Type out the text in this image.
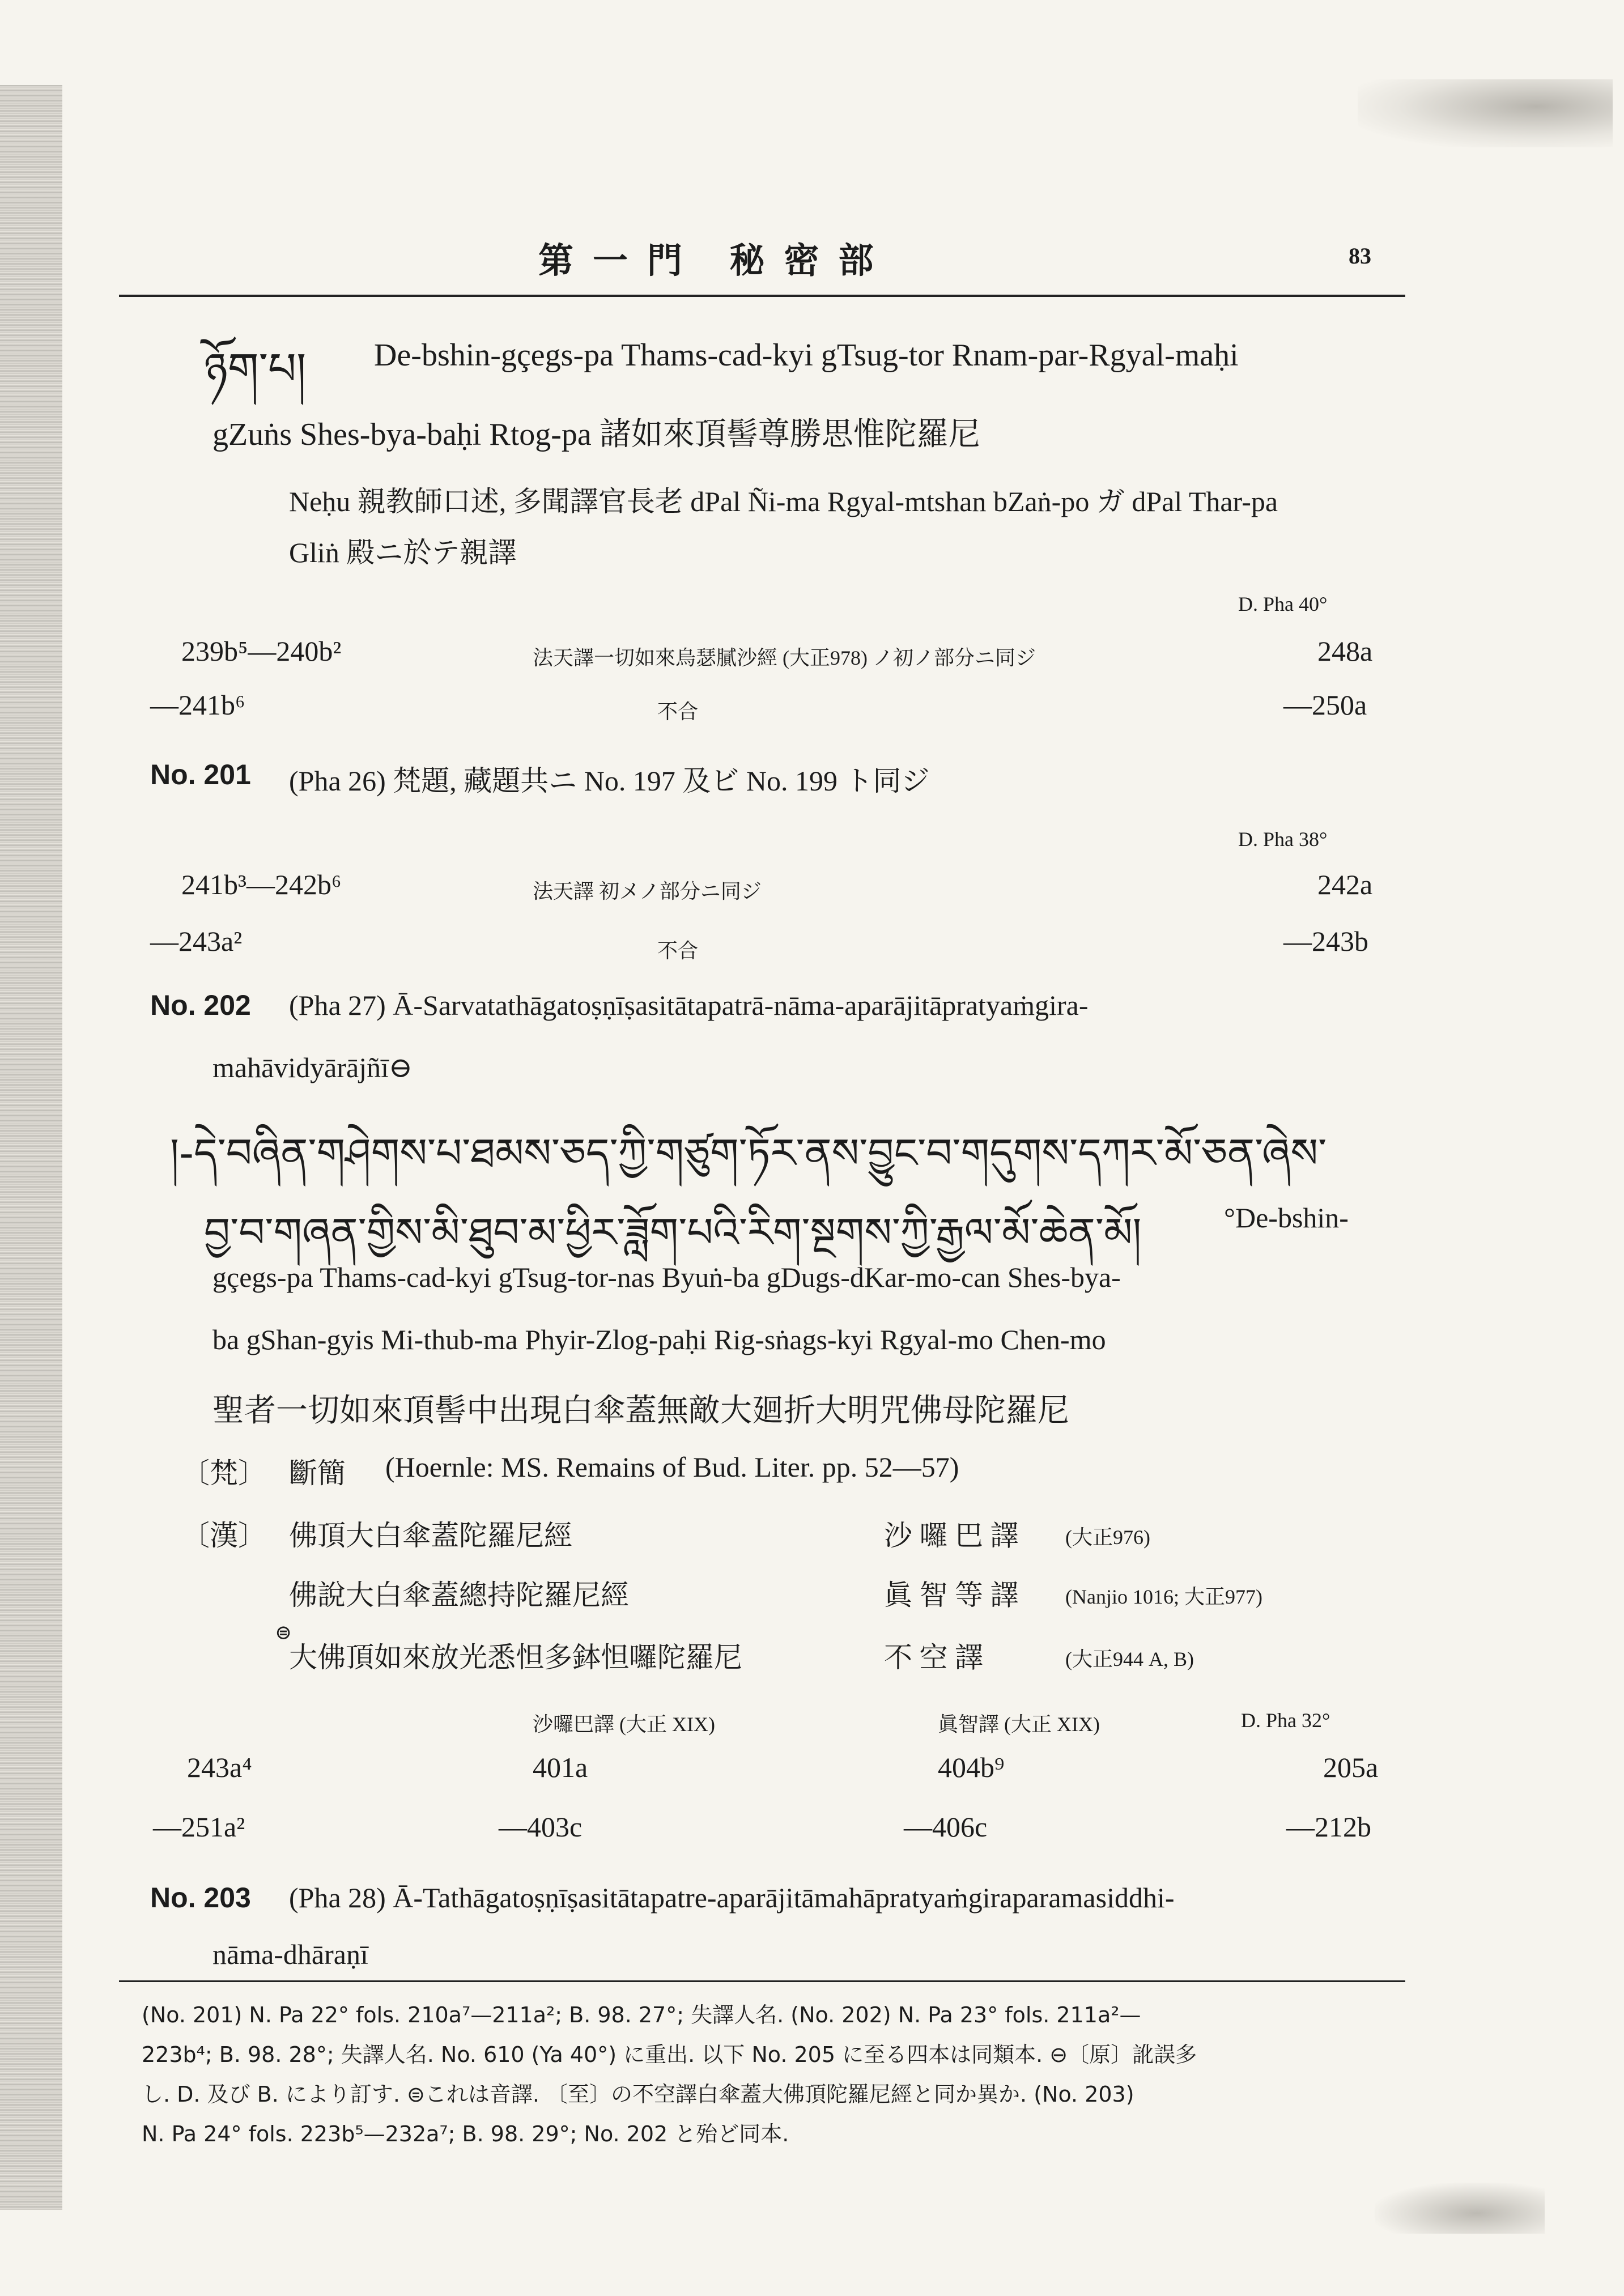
第一門 秘密部	83
ཉོག་པ། De-bshin-gçegs-pa Thams-cad-kyi gTsug-tor Rnam-par-Rgyal-maḥi
gZuṅs Shes-bya-baḥi Rtog-pa 諸如來頂髻尊勝思惟陀羅尼
Neḥu 親教師口述, 多聞譯官長老 dPal Ñi-ma Rgyal-mtshan bZaṅ-po ガ dPal Thar-pa
Gliṅ 殿ニ於テ親譯
D. Pha 40°
239b⁵—240b²	法天譯一切如來烏瑟膩沙經 (大正978) ノ初ノ部分ニ同ジ	248a
—241b⁶	不合	—250a
No. 201 (Pha 26) 梵題, 藏題共ニ No. 197 及ビ No. 199 ト同ジ
D. Pha 38°
241b³—242b⁶	法天譯 初メノ部分ニ同ジ	242a
—243a²	不合	—243b
No. 202 (Pha 27) Ā-Sarvatathāgatoṣṇīṣasitātapatrā-nāma-aparājitāpratyaṁgira-
mahāvidyārājñī⊖
།-དེ་བཞིན་གཤེགས་པ་ཐམས་ཅད་ཀྱི་གཙུག་ཏོར་ནས་བྱུང་བ་གདུགས་དཀར་མོ་ཅན་ཞེས་
བྱ་བ་གཞན་གྱིས་མི་ཐུབ་མ་ཕྱིར་ཟློག་པའི་རིག་སྔགས་ཀྱི་རྒྱལ་མོ་ཆེན་མོ།	°De-bshin-
gçegs-pa Thams-cad-kyi gTsug-tor-nas Byuṅ-ba gDugs-dKar-mo-can Shes-bya-
ba gShan-gyis Mi-thub-ma Phyir-Zlog-paḥi Rig-sṅags-kyi Rgyal-mo Chen-mo
聖者一切如來頂髻中出現白傘蓋無敵大廻折大明咒佛母陀羅尼
〔梵〕 斷簡 (Hoernle: MS. Remains of Bud. Liter. pp. 52—57)
〔漢〕 佛頂大白傘蓋陀羅尼經	沙 囉 巴 譯 (大正976)
佛說大白傘蓋總持陀羅尼經	眞 智 等 譯 (Nanjio 1016; 大正977)
⊜
大佛頂如來放光悉怛多鉢怛囉陀羅尼	不 空 譯	(大正944 A, B)
沙囉巴譯 (大正 XIX)	眞智譯 (大正 XIX)	D. Pha 32°
243a⁴	401a	404b⁹	205a
—251a²	—403c	—406c	—212b
No. 203 (Pha 28) Ā-Tathāgatoṣṇīṣasitātapatre-aparājitāmahāpratyaṁgiraparamasiddhi-
nāma-dhāraṇī
(No. 201) N. Pa 22° fols. 210a⁷—211a²; B. 98. 27°; 失譯人名. (No. 202) N. Pa 23° fols. 211a²—
223b⁴; B. 98. 28°; 失譯人名. No. 610 (Ya 40°) に重出. 以下 No. 205 に至る四本は同類本. ⊖〔原〕訛誤多
し. D. 及び B. により訂す. ⊜これは音譯. 〔至〕の不空譯白傘蓋大佛頂陀羅尼經と同か異か. (No. 203)
N. Pa 24° fols. 223b⁵—232a⁷; B. 98. 29°; No. 202 と殆ど同本.
